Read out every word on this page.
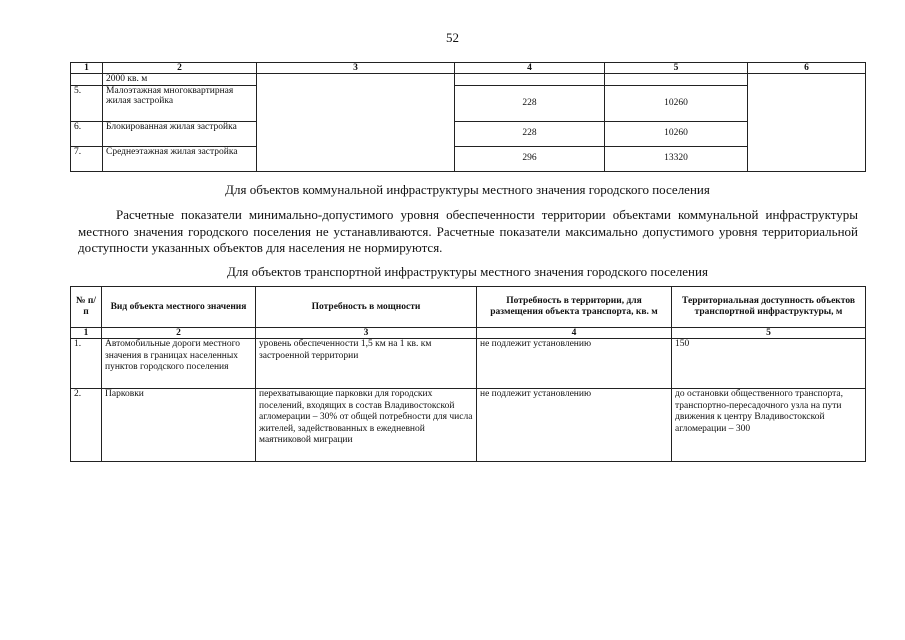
52
1	2	3	4	5	6
	2000 кв. м				
5.	Малоэтажная многоквартирная жилая застройка		228	10260	
6.	Блокированная жилая застройка		228	10260	
7.	Среднеэтажная жилая застройка		296	13320	
Для объектов коммунальной инфраструктуры местного значения городского поселения
Расчетные показатели минимально-допустимого уровня обеспеченности территории объектами коммунальной инфраструктуры местного значения городского поселения не устанавливаются. Расчетные показатели максимально допустимого уровня территориальной доступности указанных объектов для населения не нормируются.
Для объектов транспортной инфраструктуры местного значения городского поселения
№ п/п	Вид объекта местного значения	Потребность в мощности	Потребность в территории, для размещения объекта транспорта, кв. м	Территориальная доступность объектов транспортной инфраструктуры, м
1	2	3	4	5
1.	Автомобильные дороги местного значения в границах населенных пунктов городского поселения	уровень обеспеченности 1,5 км на 1 кв. км застроенной территории	не подлежит установлению	150
2.	Парковки	перехватывающие парковки для городских поселений, входящих в состав Владивостокской агломерации – 30% от общей потребности для числа жителей, задействованных в ежедневной маятниковой миграции	не подлежит установлению	до остановки общественного транспорта, транспортно-пересадочного узла на пути движения к центру Владивостокской агломерации – 300
